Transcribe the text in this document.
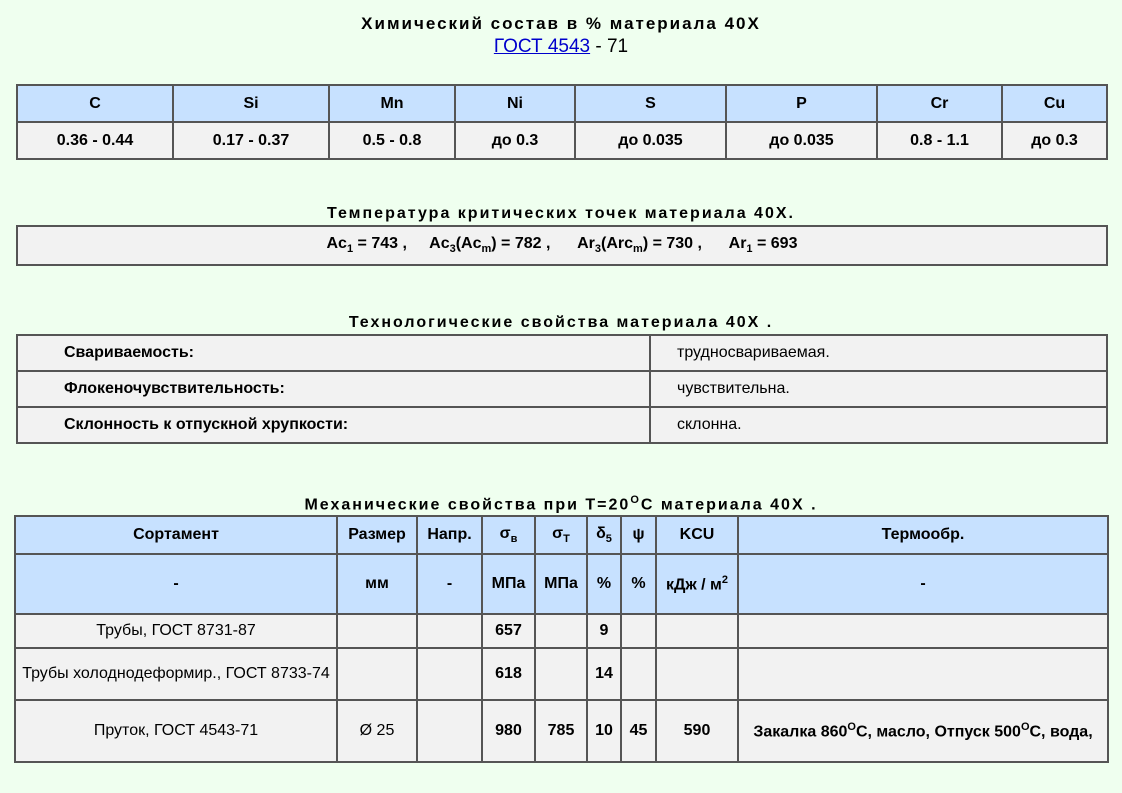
Химический состав в % материала 40Х
ГОСТ 4543 - 71
C	Si	Mn	Ni	S	P	Cr	Cu
0.36 - 0.44	0.17 - 0.37	0.5 - 0.8	до 0.3	до 0.035	до 0.035	0.8 - 1.1	до 0.3
Температура критических точек материала 40Х.
$Ac_1 = 743$ ,     $Ac_3(Ac_m) = 782$ ,      $Ar_3(Arc_m) = 730$ ,      $Ar_1 = 693$
Технологические свойства материала 40Х .
Свариваемость:	трудносвариваемая.
Флокеночувствительность:	чувствительна.
Склонность к отпускной хрупкости:	склонна.
Механические свойства при $Т=20^OС$ материала 40Х .
Сортамент	Размер	Напр.	$\sigma_в$	$\sigma_T$	$\delta_5$	ψ	KCU	Термообр.
-	мм	-	МПа	МПа	%	%	кДж / $м^2$	-
Трубы, ГОСТ 8731-87			657		9			
Трубы холоднодеформир., ГОСТ 8733-74			618		14			
Пруток, ГОСТ 4543-71	Ø 25		980	785	10	45	590	Закалка $860^OС$, масло, Отпуск $500^OС$, вода,
